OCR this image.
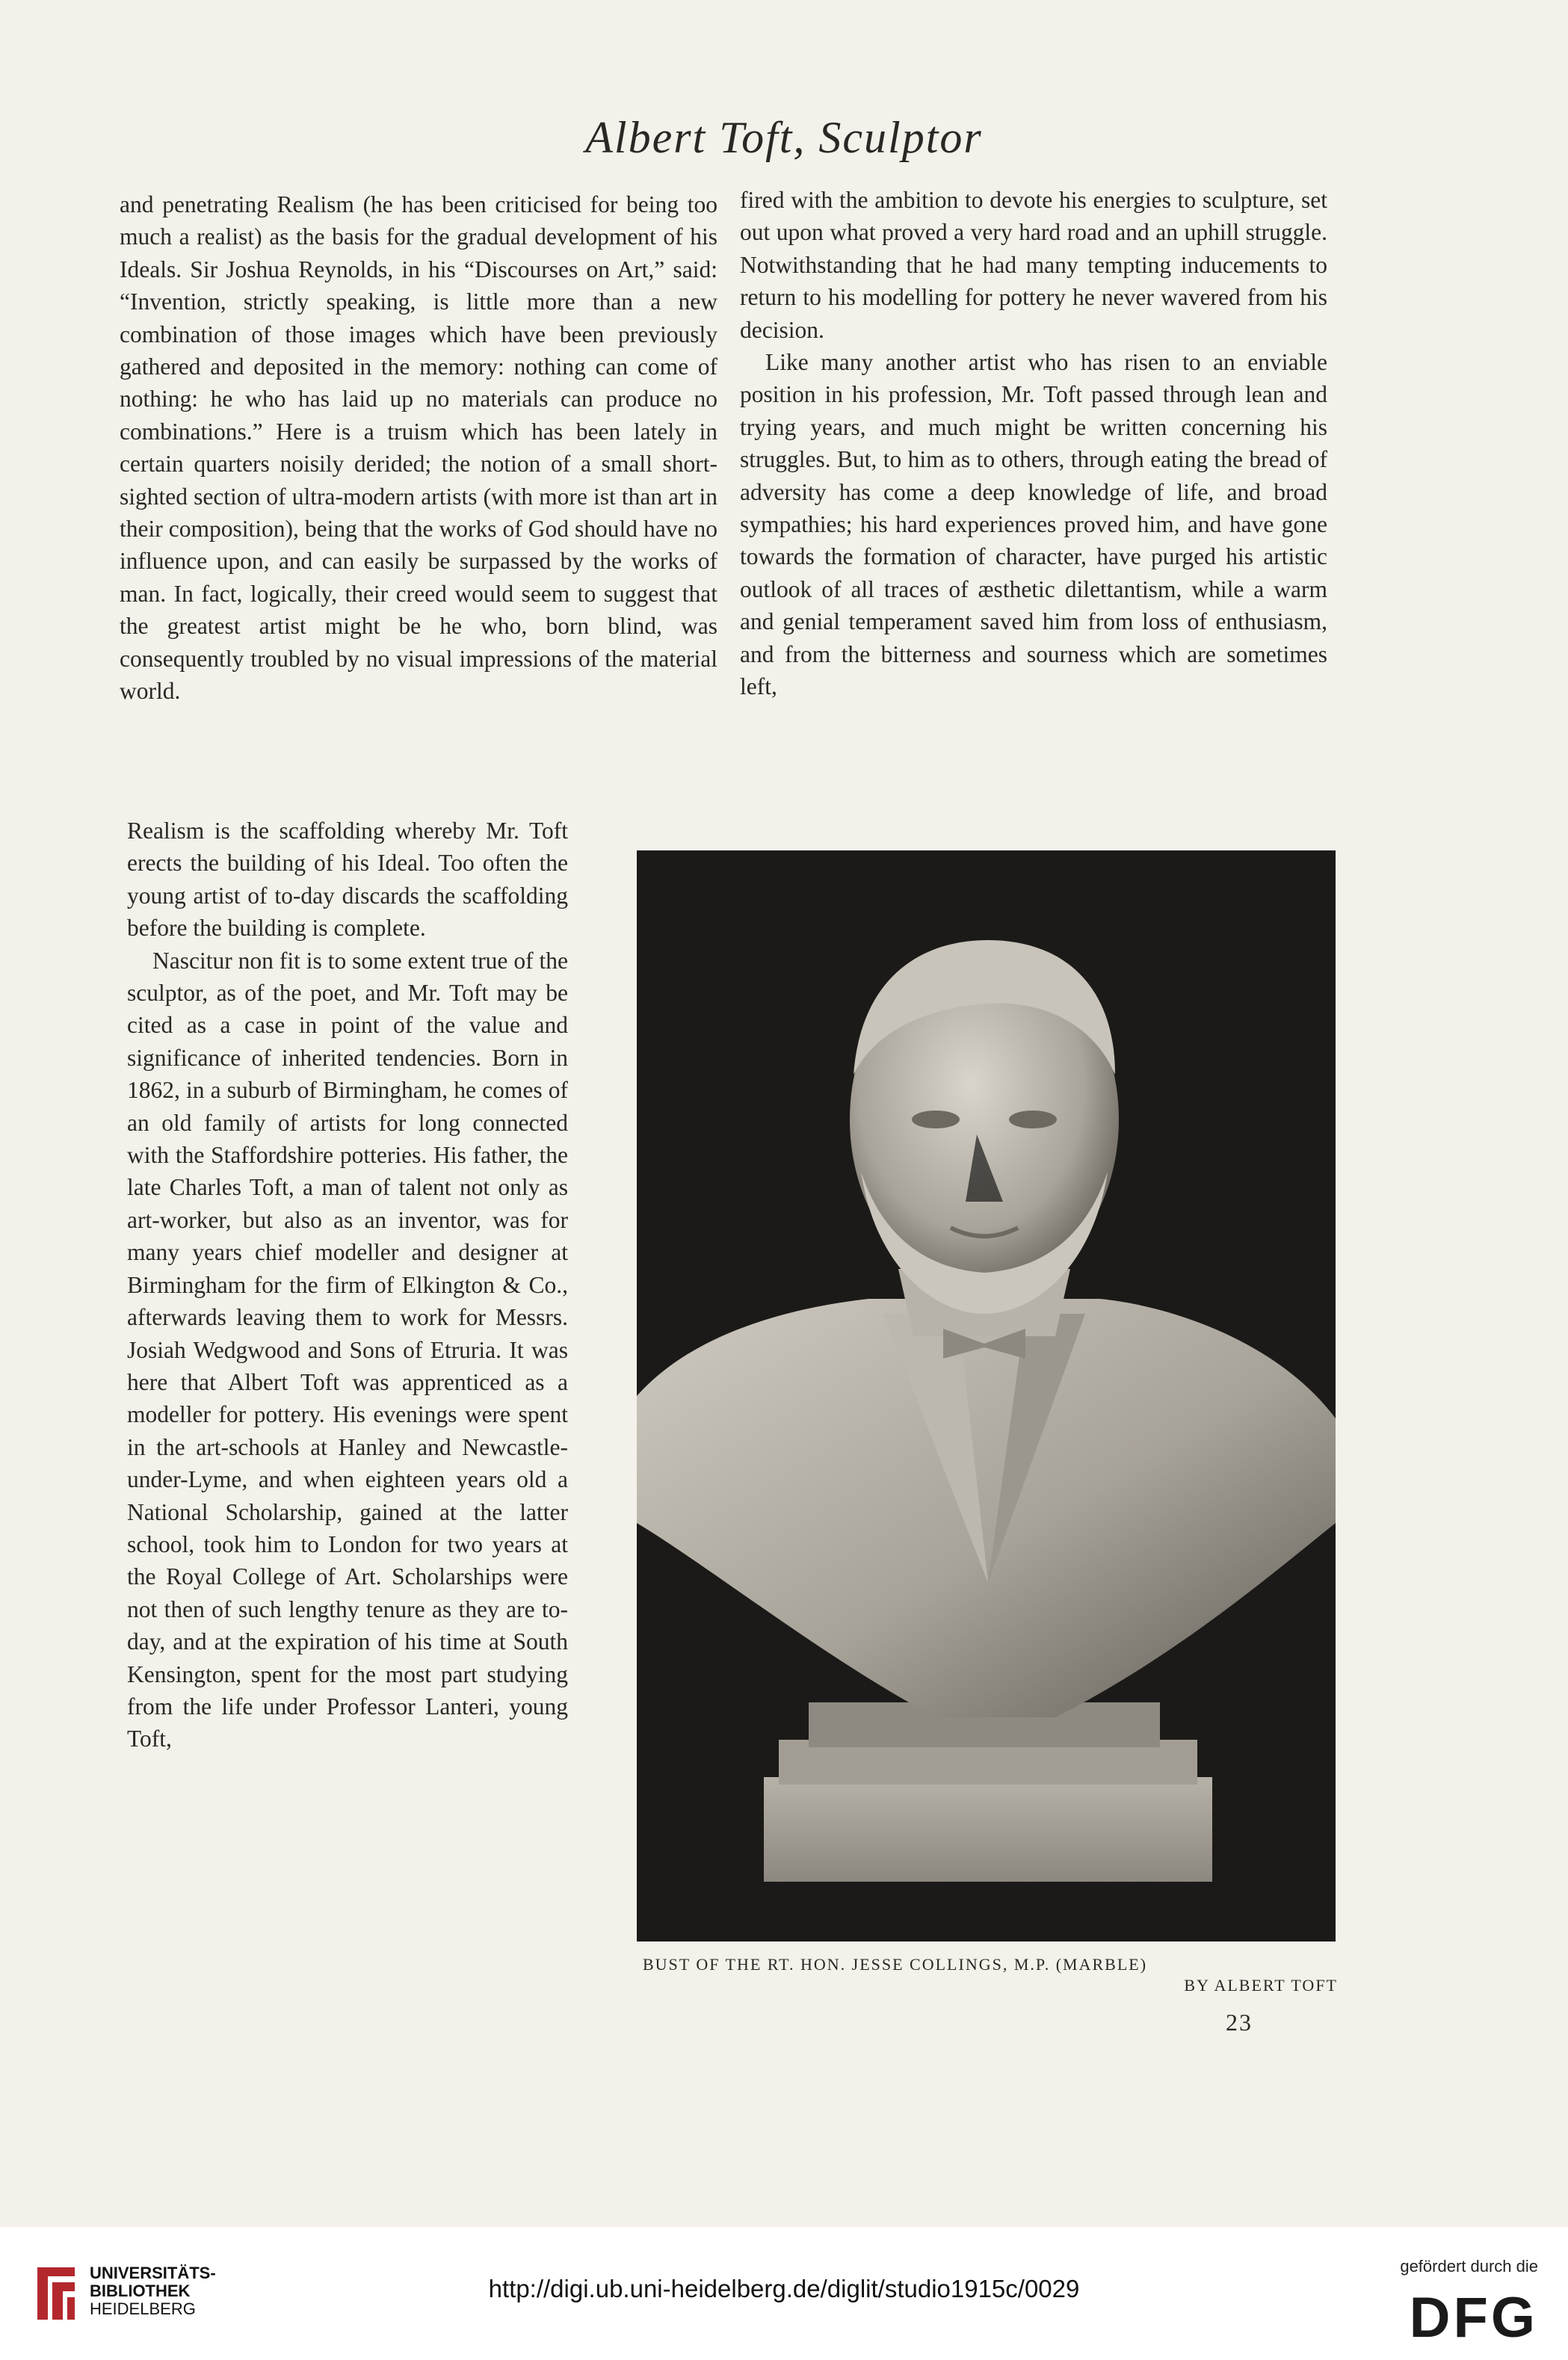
Albert Toft, Sculptor

and penetrating Realism (he has been criticised for being too much a realist) as the basis for the gradual development of his Ideals. Sir Joshua Reynolds, in his “Discourses on Art,” said: “Invention, strictly speaking, is little more than a new combination of those images which have been previously gathered and deposited in the memory: nothing can come of nothing: he who has laid up no materials can produce no combinations.” Here is a truism which has been lately in certain quarters noisily derided; the notion of a small short-sighted section of ultra-modern artists (with more ist than art in their composition), being that the works of God should have no influence upon, and can easily be surpassed by the works of man. In fact, logically, their creed would seem to suggest that the greatest artist might be he who, born blind, was consequently troubled by no visual impressions of the material world.

Realism is the scaffolding whereby Mr. Toft erects the building of his Ideal. Too often the young artist of to-day discards the scaffolding before the building is complete.

Nascitur non fit is to some extent true of the sculptor, as of the poet, and Mr. Toft may be cited as a case in point of the value and significance of inherited tendencies. Born in 1862, in a suburb of Birmingham, he comes of an old family of artists for long connected with the Staffordshire potteries. His father, the late Charles Toft, a man of talent not only as art-worker, but also as an inventor, was for many years chief modeller and designer at Birmingham for the firm of Elkington & Co., afterwards leaving them to work for Messrs. Josiah Wedgwood and Sons of Etruria. It was here that Albert Toft was apprenticed as a modeller for pottery. His evenings were spent in the art-schools at Hanley and Newcastle-under-Lyme, and when eighteen years old a National Scholarship, gained at the latter school, took him to London for two years at the Royal College of Art. Scholarships were not then of such lengthy tenure as they are to-day, and at the expiration of his time at South Kensington, spent for the most part studying from the life under Professor Lanteri, young Toft,

fired with the ambition to devote his energies to sculpture, set out upon what proved a very hard road and an uphill struggle. Notwithstanding that he had many tempting inducements to return to his modelling for pottery he never wavered from his decision.

Like many another artist who has risen to an enviable position in his profession, Mr. Toft passed through lean and trying years, and much might be written concerning his struggles. But, to him as to others, through eating the bread of adversity has come a deep knowledge of life, and broad sympathies; his hard experiences proved him, and have gone towards the formation of character, have purged his artistic outlook of all traces of æsthetic dilettantism, while a warm and genial temperament saved him from loss of enthusiasm, and from the bitterness and sourness which are sometimes left,

BUST OF THE RT. HON. JESSE COLLINGS, M.P. (MARBLE)
BY ALBERT TOFT
23
UNIVERSITÄTS-
BIBLIOTHEK
HEIDELBERG
http://digi.ub.uni-heidelberg.de/diglit/studio1915c/0029
gefördert durch die
DFG
